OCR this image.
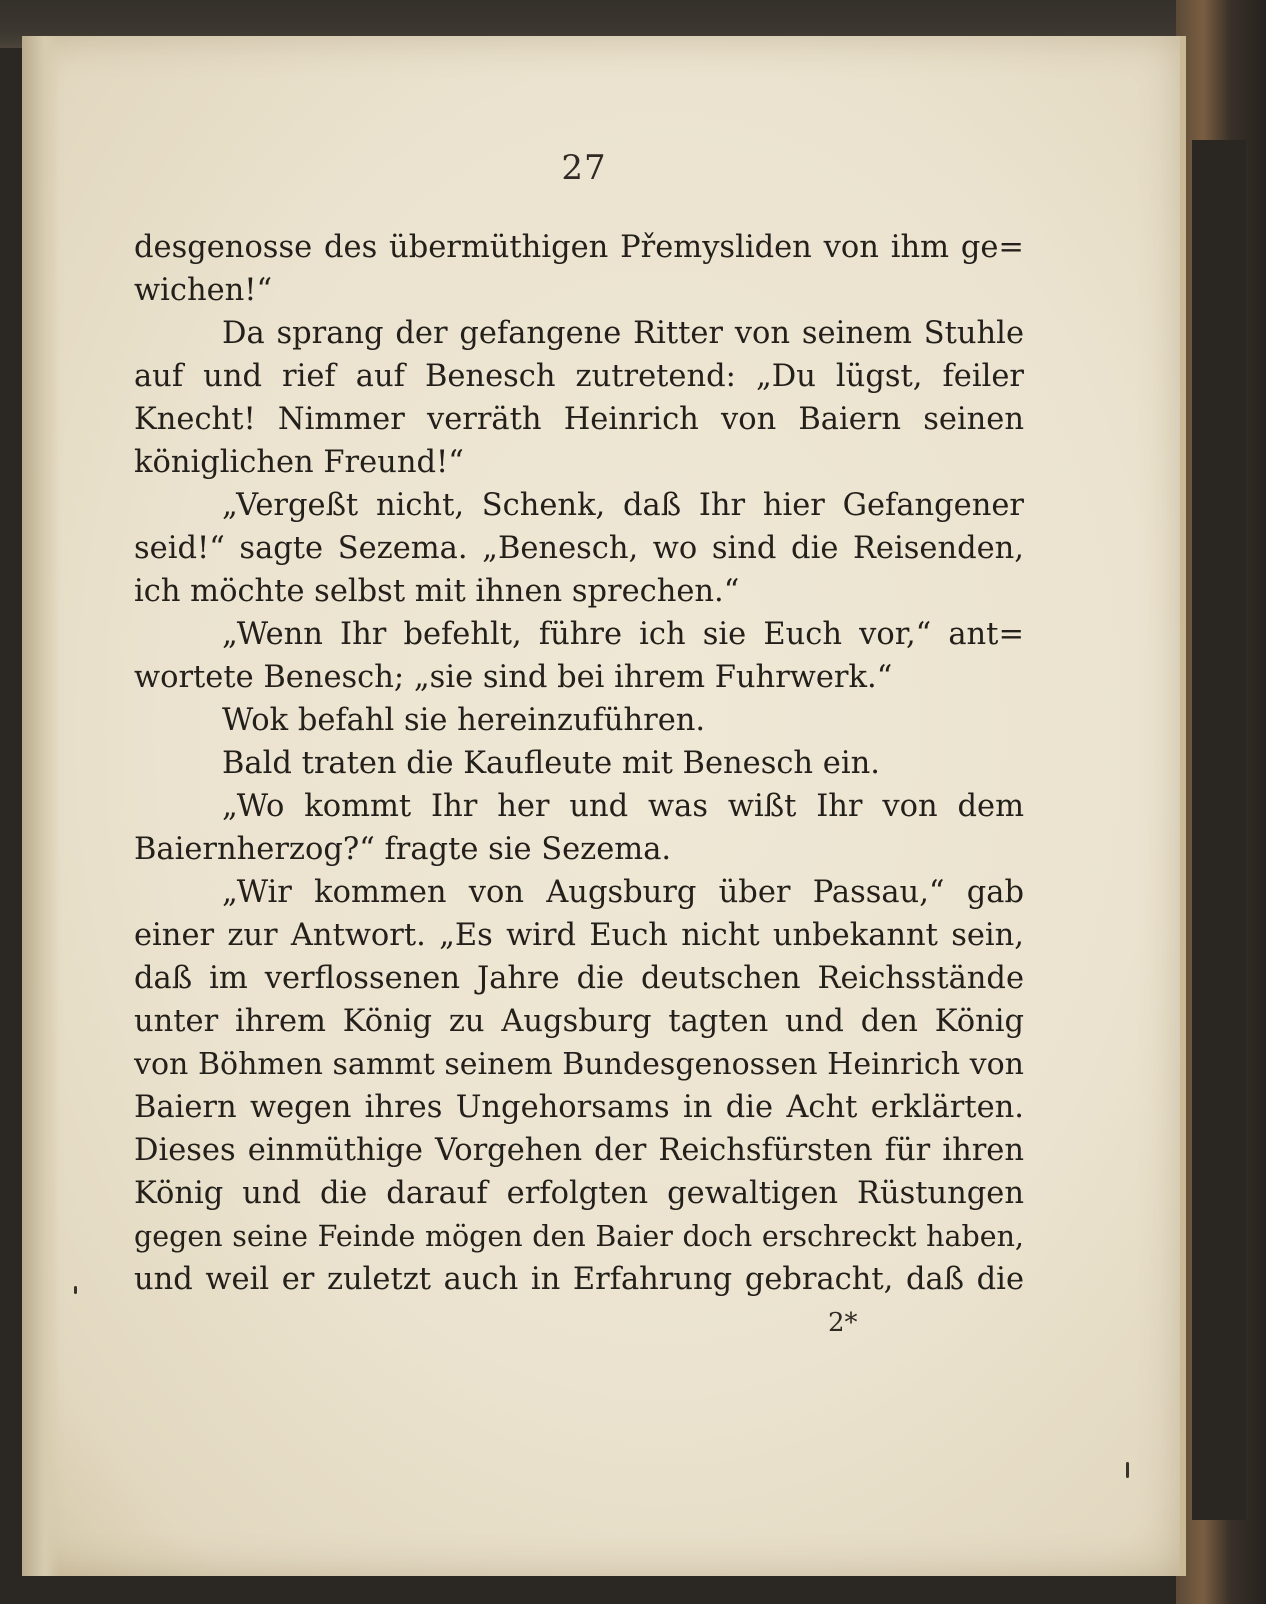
27
desgenosse des übermüthigen Přemysliden von ihm ge=
wichen!“
Da sprang der gefangene Ritter von seinem Stuhle
auf und rief auf Benesch zutretend: „Du lügst, feiler
Knecht! Nimmer verräth Heinrich von Baiern seinen
königlichen Freund!“
„Vergeßt nicht, Schenk, daß Ihr hier Gefangener
seid!“ sagte Sezema. „Benesch, wo sind die Reisenden,
ich möchte selbst mit ihnen sprechen.“
„Wenn Ihr befehlt, führe ich sie Euch vor,“ ant=
wortete Benesch; „sie sind bei ihrem Fuhrwerk.“
Wok befahl sie hereinzuführen.
Bald traten die Kaufleute mit Benesch ein.
„Wo kommt Ihr her und was wißt Ihr von dem
Baiernherzog?“ fragte sie Sezema.
„Wir kommen von Augsburg über Passau,“ gab
einer zur Antwort. „Es wird Euch nicht unbekannt sein,
daß im verflossenen Jahre die deutschen Reichsstände
unter ihrem König zu Augsburg tagten und den König
von Böhmen sammt seinem Bundesgenossen Heinrich von
Baiern wegen ihres Ungehorsams in die Acht erklärten.
Dieses einmüthige Vorgehen der Reichsfürsten für ihren
König und die darauf erfolgten gewaltigen Rüstungen
gegen seine Feinde mögen den Baier doch erschreckt haben,
und weil er zuletzt auch in Erfahrung gebracht, daß die
2*
